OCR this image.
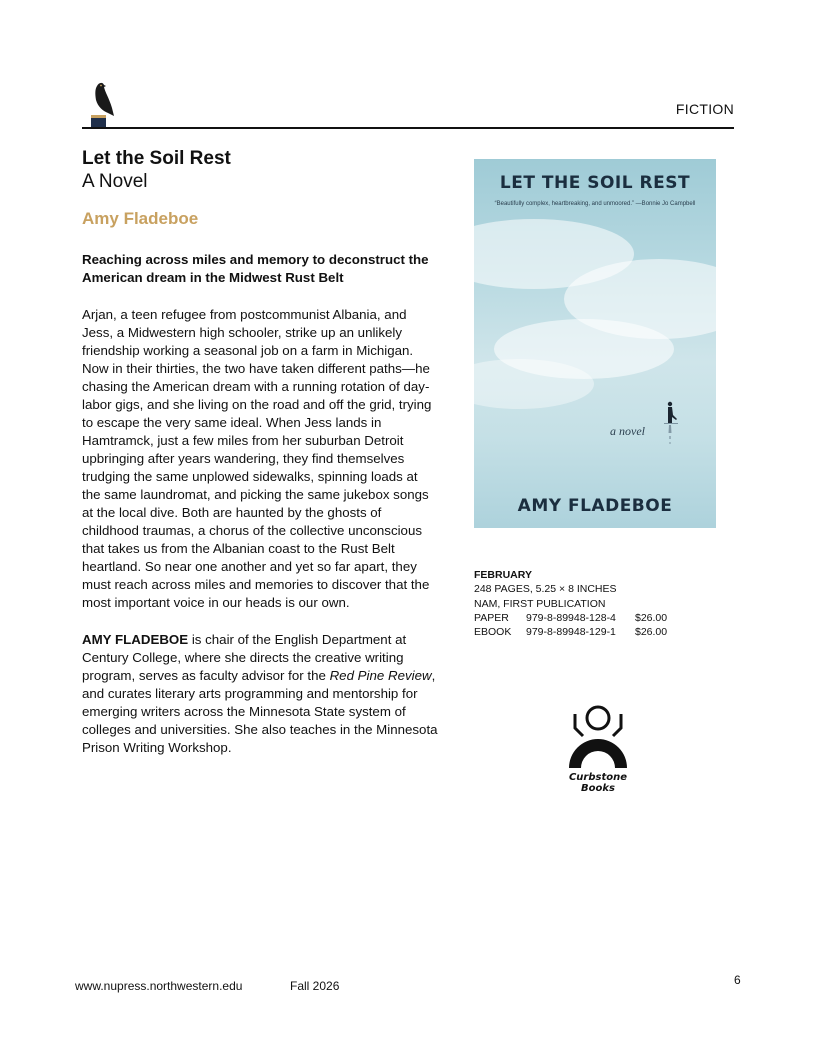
FICTION
Let the Soil Rest
A Novel
Amy Fladeboe

Reaching across miles and memory to deconstruct the American dream in the Midwest Rust Belt

Arjan, a teen refugee from postcommunist Albania, and Jess, a Midwestern high schooler, strike up an unlikely friendship working a seasonal job on a farm in Michigan. Now in their thirties, the two have taken different paths—he chasing the American dream with a running rotation of day-labor gigs, and she living on the road and off the grid, trying to escape the very same ideal. When Jess lands in Hamtramck, just a few miles from her suburban Detroit upbringing after years wandering, they find themselves trudging the same unplowed sidewalks, spinning loads at the same laundromat, and picking the same jukebox songs at the local dive. Both are haunted by the ghosts of childhood traumas, a chorus of the collective unconscious that takes us from the Albanian coast to the Rust Belt heartland. So near one another and yet so far apart, they must reach across miles and memories to discover that the most important voice in our heads is our own.

AMY FLADEBOE is chair of the English Department at Century College, where she directs the creative writing program, serves as faculty advisor for the Red Pine Review, and curates literary arts programming and mentorship for emerging writers across the Minnesota State system of colleges and universities. She also teaches in the Minnesota Prison Writing Workshop.

LET THE SOIL REST
“Beautifully complex, heartbreaking, and unmoored.” —Bonnie Jo Campbell
a novel
AMY FLADEBOE
FEBRUARY
248 PAGES, 5.25 × 8 INCHES
NAM, FIRST PUBLICATION
PAPER 979-8-89948-128-4 $26.00
EBOOK 979-8-89948-129-1 $26.00
Curbstone Books
www.nupress.northwestern.edu	Fall 2026	6
